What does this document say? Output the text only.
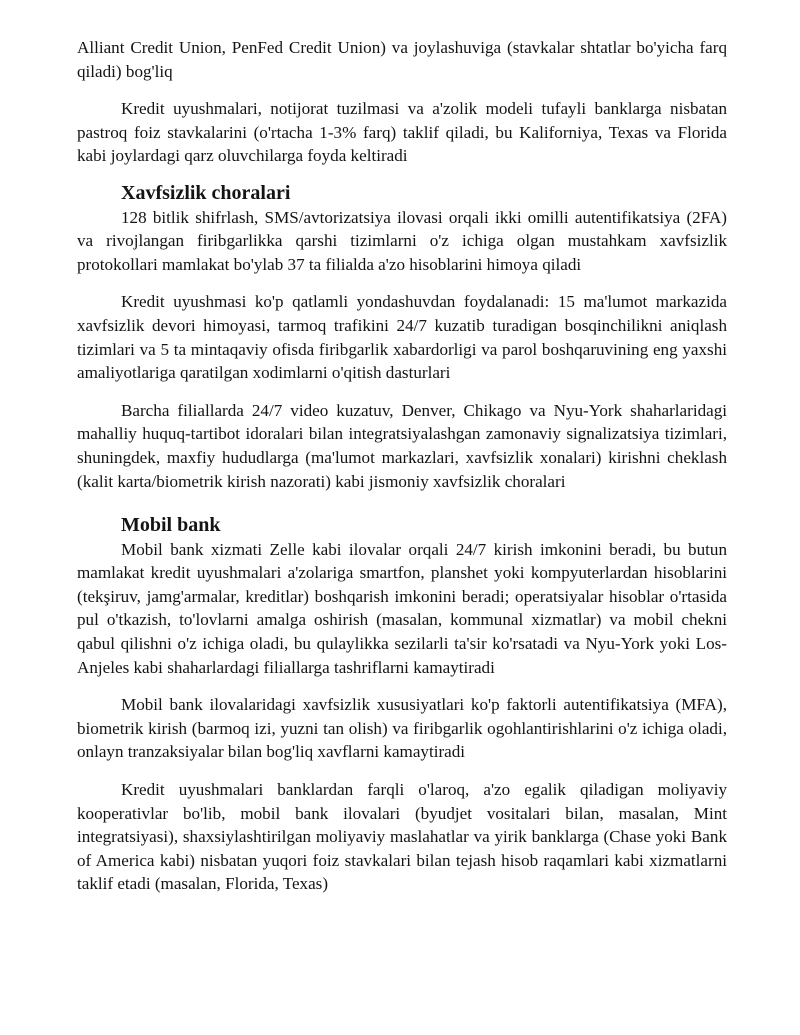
Alliant Credit Union, PenFed Credit Union) va joylashuviga (stavkalar shtatlar bo'yicha farq qiladi) bog'liq

Kredit uyushmalari, notijorat tuzilmasi va a'zolik modeli tufayli banklarga nisbatan pastroq foiz stavkalarini (o'rtacha 1-3% farq) taklif qiladi, bu Kaliforniya, Texas va Florida kabi joylardagi qarz oluvchilarga foyda keltiradi

Xavfsizlik choralari

128 bitlik shifrlash, SMS/avtorizatsiya ilovasi orqali ikki omilli autentifikatsiya (2FA) va rivojlangan firibgarlikka qarshi tizimlarni o'z ichiga olgan mustahkam xavfsizlik protokollari mamlakat bo'ylab 37 ta filialda a'zo hisoblarini himoya qiladi

Kredit uyushmasi ko'p qatlamli yondashuvdan foydalanadi: 15 ma'lumot markazida xavfsizlik devori himoyasi, tarmoq trafikini 24/7 kuzatib turadigan bosqinchilikni aniqlash tizimlari va 5 ta mintaqaviy ofisda firibgarlik xabardorligi va parol boshqaruvining eng yaxshi amaliyotlariga qaratilgan xodimlarni o'qitish dasturlari

Barcha filiallarda 24/7 video kuzatuv, Denver, Chikago va Nyu-York shaharlaridagi mahalliy huquq-tartibot idoralari bilan integratsiyalashgan zamonaviy signalizatsiya tizimlari, shuningdek, maxfiy hududlarga (ma'lumot markazlari, xavfsizlik xonalari) kirishni cheklash (kalit karta/biometrik kirish nazorati) kabi jismoniy xavfsizlik choralari

Mobil bank

Mobil bank xizmati Zelle kabi ilovalar orqali 24/7 kirish imkonini beradi, bu butun mamlakat kredit uyushmalari a'zolariga smartfon, planshet yoki kompyuterlardan hisoblarini (tekşiruv, jamg'armalar, kreditlar) boshqarish imkonini beradi; operatsiyalar hisoblar o'rtasida pul o'tkazish, to'lovlarni amalga oshirish (masalan, kommunal xizmatlar) va mobil chekni qabul qilishni o'z ichiga oladi, bu qulaylikka sezilarli ta'sir ko'rsatadi va Nyu-York yoki Los-Anjeles kabi shaharlardagi filiallarga tashriflarni kamaytiradi

Mobil bank ilovalaridagi xavfsizlik xususiyatlari ko'p faktorli autentifikatsiya (MFA), biometrik kirish (barmoq izi, yuzni tan olish) va firibgarlik ogohlantirishlarini o'z ichiga oladi, onlayn tranzaksiyalar bilan bog'liq xavflarni kamaytiradi

Kredit uyushmalari banklardan farqli o'laroq, a'zo egalik qiladigan moliyaviy kooperativlar bo'lib, mobil bank ilovalari (byudjet vositalari bilan, masalan, Mint integratsiyasi), shaxsiylashtirilgan moliyaviy maslahatlar va yirik banklarga (Chase yoki Bank of America kabi) nisbatan yuqori foiz stavkalari bilan tejash hisob raqamlari kabi xizmatlarni taklif etadi (masalan, Florida, Texas)
